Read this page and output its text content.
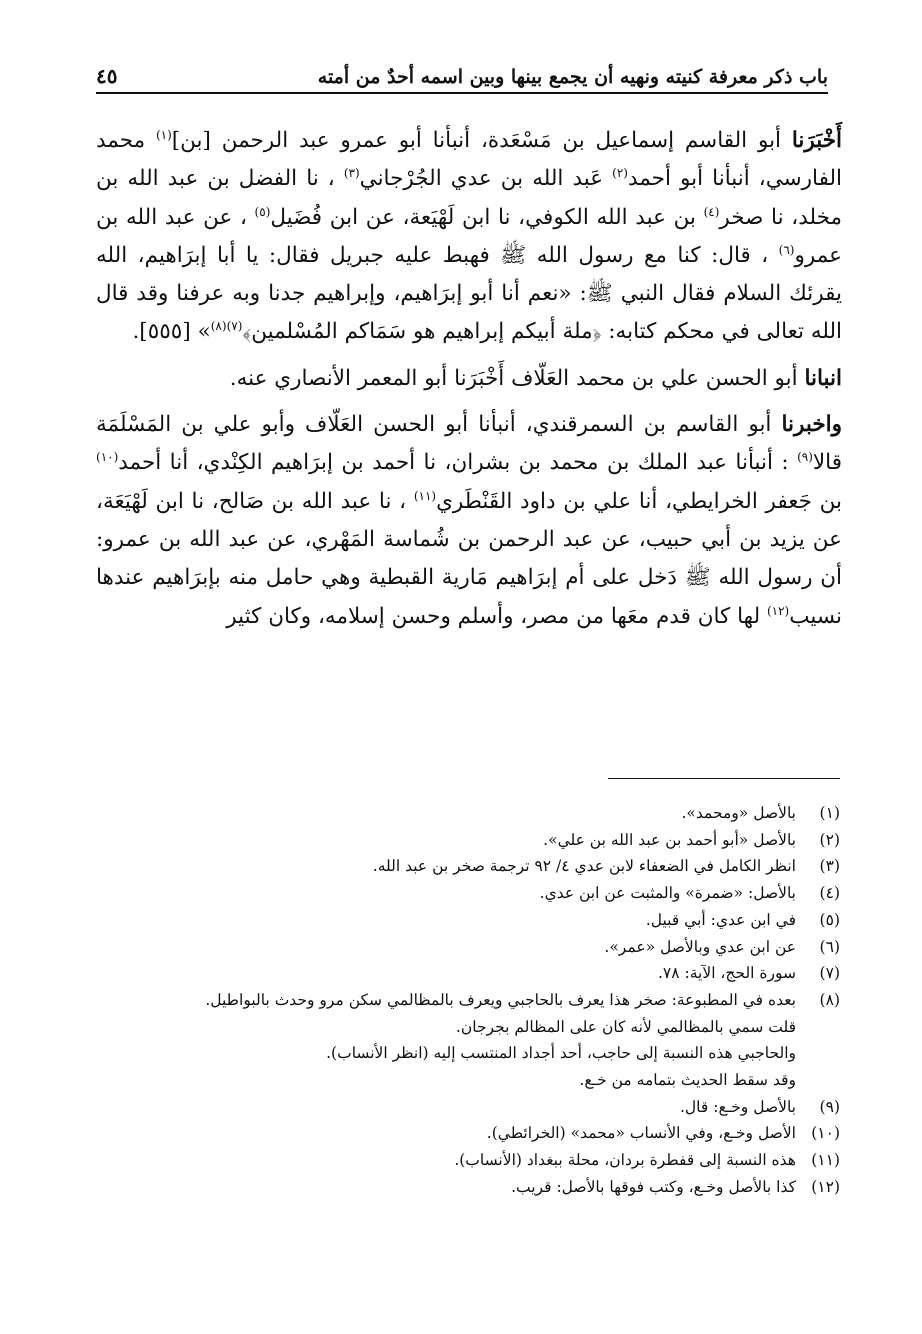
باب ذكر معرفة كنيته ونهيه أن يجمع بينها وبين اسمه أحدٌ من أمته
٤٥

أَخْبَرَنا أبو القاسم إسماعيل بن مَسْعَدة، أنبأنا أبو عمرو عبد الرحمن [بن]$^{(١)}$ محمد الفارسي، أنبأنا أبو أحمد$^{(٢)}$ عَبد الله بن عدي الجُرْجاني$^{(٣)}$ ، نا الفضل بن عبد الله بن مخلد، نا صخر$^{(٤)}$ بن عبد الله الكوفي، نا ابن لَهْيَعة، عن ابن فُضَيل$^{(٥)}$ ، عن عبد الله بن عمرو$^{(٦)}$ ، قال: كنا مع رسول الله ﷺ فهبط عليه جبريل فقال: يا أبا إبرَاهيم، الله يقرئك السلام فقال النبي ﷺ: «نعم أنا أبو إبرَاهيم، وإبراهيم جدنا وبه عرفنا وقد قال الله تعالى في محكم كتابه: ﴿ملة أبيكم إبراهيم هو سَمَاكم المُسْلمين﴾$^{(٧)(٨)}$» [٥٥٥].

انبانا أبو الحسن علي بن محمد العَلّاف أَخْبَرَنا أبو المعمر الأنصاري عنه.

واخبرنا أبو القاسم بن السمرقندي، أنبأنا أبو الحسن العَلّاف وأبو علي بن المَسْلَمَة قالا$^{(٩)}$ : أنبأنا عبد الملك بن محمد بن بشران، نا أحمد بن إبرَاهيم الكِنْدي، أنا أحمد$^{(١٠)}$ بن جَعفر الخرايطي، أنا علي بن داود القَنْطَري$^{(١١)}$ ، نا عبد الله بن صَالح، نا ابن لَهْيَعَة، عن يزيد بن أبي حبيب، عن عبد الرحمن بن شُماسة المَهْري، عن عبد الله بن عمرو: أن رسول الله ﷺ دَخل على أم إبرَاهيم مَارية القبطية وهي حامل منه بإبرَاهيم عندها نسيب$^{(١٢)}$ لها كان قدم معَها من مصر، وأسلم وحسن إسلامه، وكان كثير

(١)
بالأصل «ومحمد».
(٢)
بالأصل «أبو أحمد بن عبد الله بن علي».
(٣)
انظر الكامل في الضعفاء لابن عدي ٤/ ٩٢ ترجمة صخر بن عبد الله.
(٤)
بالأصل: «ضمرة» والمثبت عن ابن عدي.
(٥)
في ابن عدي: أبي قبيل.
(٦)
عن ابن عدي وبالأصل «عمر».
(٧)
سورة الحج، الآية: ٧٨.
(٨)
بعده في المطبوعة: صخر هذا يعرف بالحاجبي ويعرف بالمظالمي سكن مرو وحدث بالبواطيل.
قلت سمي بالمظالمي لأنه كان على المظالم بجرجان.
والحاجبي هذه النسبة إلى حاجب، أحد أجداد المنتسب إليه (انظر الأنساب).
وقد سقط الحديث بتمامه من خـع.
(٩)
بالأصل وخـع: قال.
(١٠)
الأصل وخـع، وفي الأنساب «محمد» (الخرائطي).
(١١)
هذه النسبة إلى قفطرة بردان، محلة ببغداد (الأنساب).
(١٢)
كذا بالأصل وخـع، وكتب فوقها بالأصل: قريب.
